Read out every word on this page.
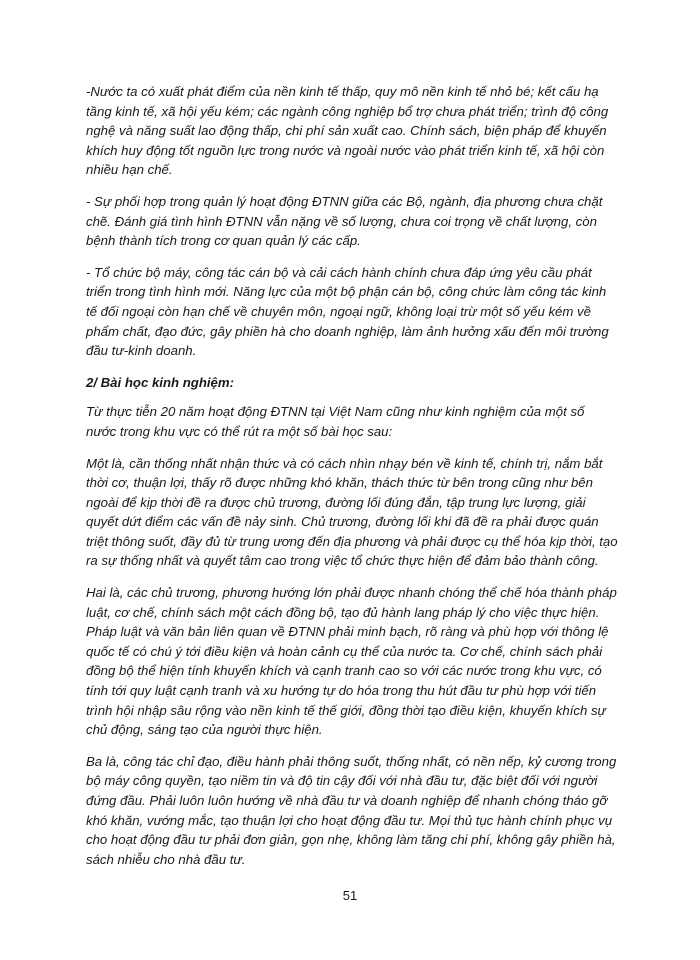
-Nước ta có xuất phát điểm của nền kinh tế thấp, quy mô nền kinh tế nhỏ bé; kết cấu hạ tầng kinh tế, xã hội yếu kém; các ngành công nghiệp bổ trợ chưa phát triển; trình độ công nghệ và năng suất lao động thấp, chi phí sản xuất cao. Chính sách, biện pháp để khuyến khích huy động tốt nguồn lực trong nước và ngoài nước vào phát triển kinh tế, xã hội còn nhiều hạn chế.

- Sự phối hợp trong quản lý hoạt động ĐTNN giữa các Bộ, ngành, địa phương chưa chặt chẽ. Đánh giá tình hình ĐTNN vẫn nặng về số lượng, chưa coi trọng về chất lượng, còn bệnh thành tích trong cơ quan quản lý các cấp.

- Tổ chức bộ máy, công tác cán bộ và cải cách hành chính chưa đáp ứng yêu cầu phát triển trong tình hình mới. Năng lực của một bộ phận cán bộ, công chức làm công tác kinh tế đối ngoại còn hạn chế về chuyên môn, ngoại ngữ, không loại trừ một số yếu kém về phẩm chất, đạo đức, gây phiền hà cho doanh nghiệp, làm ảnh hưởng xấu đến môi trường đầu tư-kinh doanh.

2/ Bài học kinh nghiệm:

Từ thực tiễn 20 năm hoạt động ĐTNN tại Việt Nam cũng như kinh nghiệm của một số nước trong khu vực có thể rút ra một số bài học sau:

Một là, cần thống nhất nhận thức và có cách nhìn nhạy bén về kinh tế, chính trị, nắm bắt thời cơ, thuận lợi, thấy rõ được những khó khăn, thách thức từ bên trong cũng như bên ngoài để kịp thời đề ra được chủ trương, đường lối đúng đắn, tập trung lực lượng, giải quyết dứt điểm các vấn đề nảy sinh. Chủ trương, đường lối khi đã đề ra phải được quán triệt thông suốt, đầy đủ từ trung ương đến địa phương và phải được cụ thể hóa kịp thời, tạo ra sự thống nhất và quyết tâm cao trong việc tổ chức thực hiện để đảm bảo thành công.

Hai là, các chủ trương, phương hướng lớn phải được nhanh chóng thể chế hóa thành pháp luật, cơ chế, chính sách một cách đồng bộ, tạo đủ hành lang pháp lý cho việc thực hiện. Pháp luật và văn bản liên quan về ĐTNN phải minh bạch, rõ ràng và phù hợp với thông lệ quốc tế có chú ý tới điều kiện và hoàn cảnh cụ thể của nước ta. Cơ chế, chính sách phải đồng bộ thể hiện tính khuyến khích và cạnh tranh cao so với các nước trong khu vực, có tính tới quy luật cạnh tranh và xu hướng tự do hóa trong thu hút đầu tư phù hợp với tiến trình hội nhập sâu rộng vào nền kinh tế thế giới, đồng thời tạo điều kiện, khuyến khích sự chủ động, sáng tạo của người thực hiện.

Ba là, công tác chỉ đạo, điều hành phải thông suốt, thống nhất, có nền nếp, kỷ cương trong bộ máy công quyền, tạo niềm tin và độ tin cậy đối với nhà đầu tư, đặc biệt đối với người đứng đầu. Phải luôn luôn hướng về nhà đầu tư và doanh nghiệp để nhanh chóng tháo gỡ khó khăn, vướng mắc, tạo thuận lợi cho hoạt động đầu tư. Mọi thủ tục hành chính phục vụ cho hoạt động đầu tư phải đơn giản, gọn nhẹ, không làm tăng chi phí, không gây phiền hà, sách nhiễu cho nhà đầu tư.

51
